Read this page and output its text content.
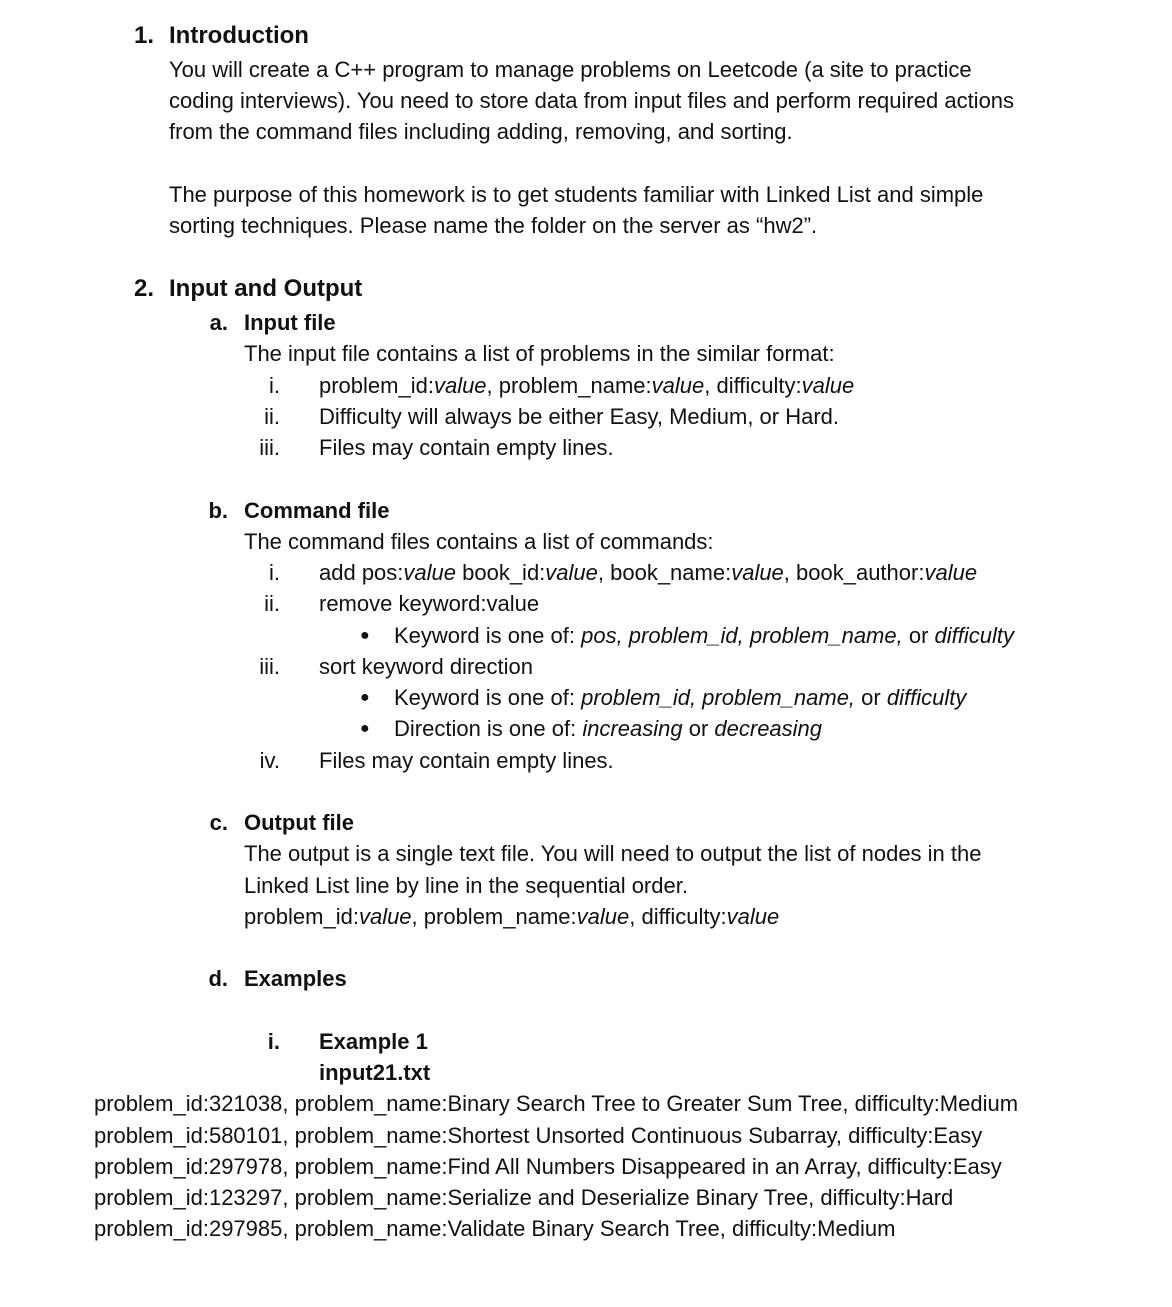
1. Introduction
You will create a C++ program to manage problems on Leetcode (a site to practice
coding interviews). You need to store data from input files and perform required actions
from the command files including adding, removing, and sorting.
The purpose of this homework is to get students familiar with Linked List and simple
sorting techniques. Please name the folder on the server as “hw2”.
2. Input and Output
a. Input file
The input file contains a list of problems in the similar format:
i. problem_id:value, problem_name:value, difficulty:value
ii. Difficulty will always be either Easy, Medium, or Hard.
iii. Files may contain empty lines.
b. Command file
The command files contains a list of commands:
i. add pos:value book_id:value, book_name:value, book_author:value
ii. remove keyword:value
● Keyword is one of: pos, problem_id, problem_name, or difficulty
iii. sort keyword direction
● Keyword is one of: problem_id, problem_name, or difficulty
● Direction is one of: increasing or decreasing
iv. Files may contain empty lines.
c. Output file
The output is a single text file. You will need to output the list of nodes in the
Linked List line by line in the sequential order.
problem_id:value, problem_name:value, difficulty:value
d. Examples
i. Example 1
input21.txt
problem_id:321038, problem_name:Binary Search Tree to Greater Sum Tree, difficulty:Medium
problem_id:580101, problem_name:Shortest Unsorted Continuous Subarray, difficulty:Easy
problem_id:297978, problem_name:Find All Numbers Disappeared in an Array, difficulty:Easy
problem_id:123297, problem_name:Serialize and Deserialize Binary Tree, difficulty:Hard
problem_id:297985, problem_name:Validate Binary Search Tree, difficulty:Medium
